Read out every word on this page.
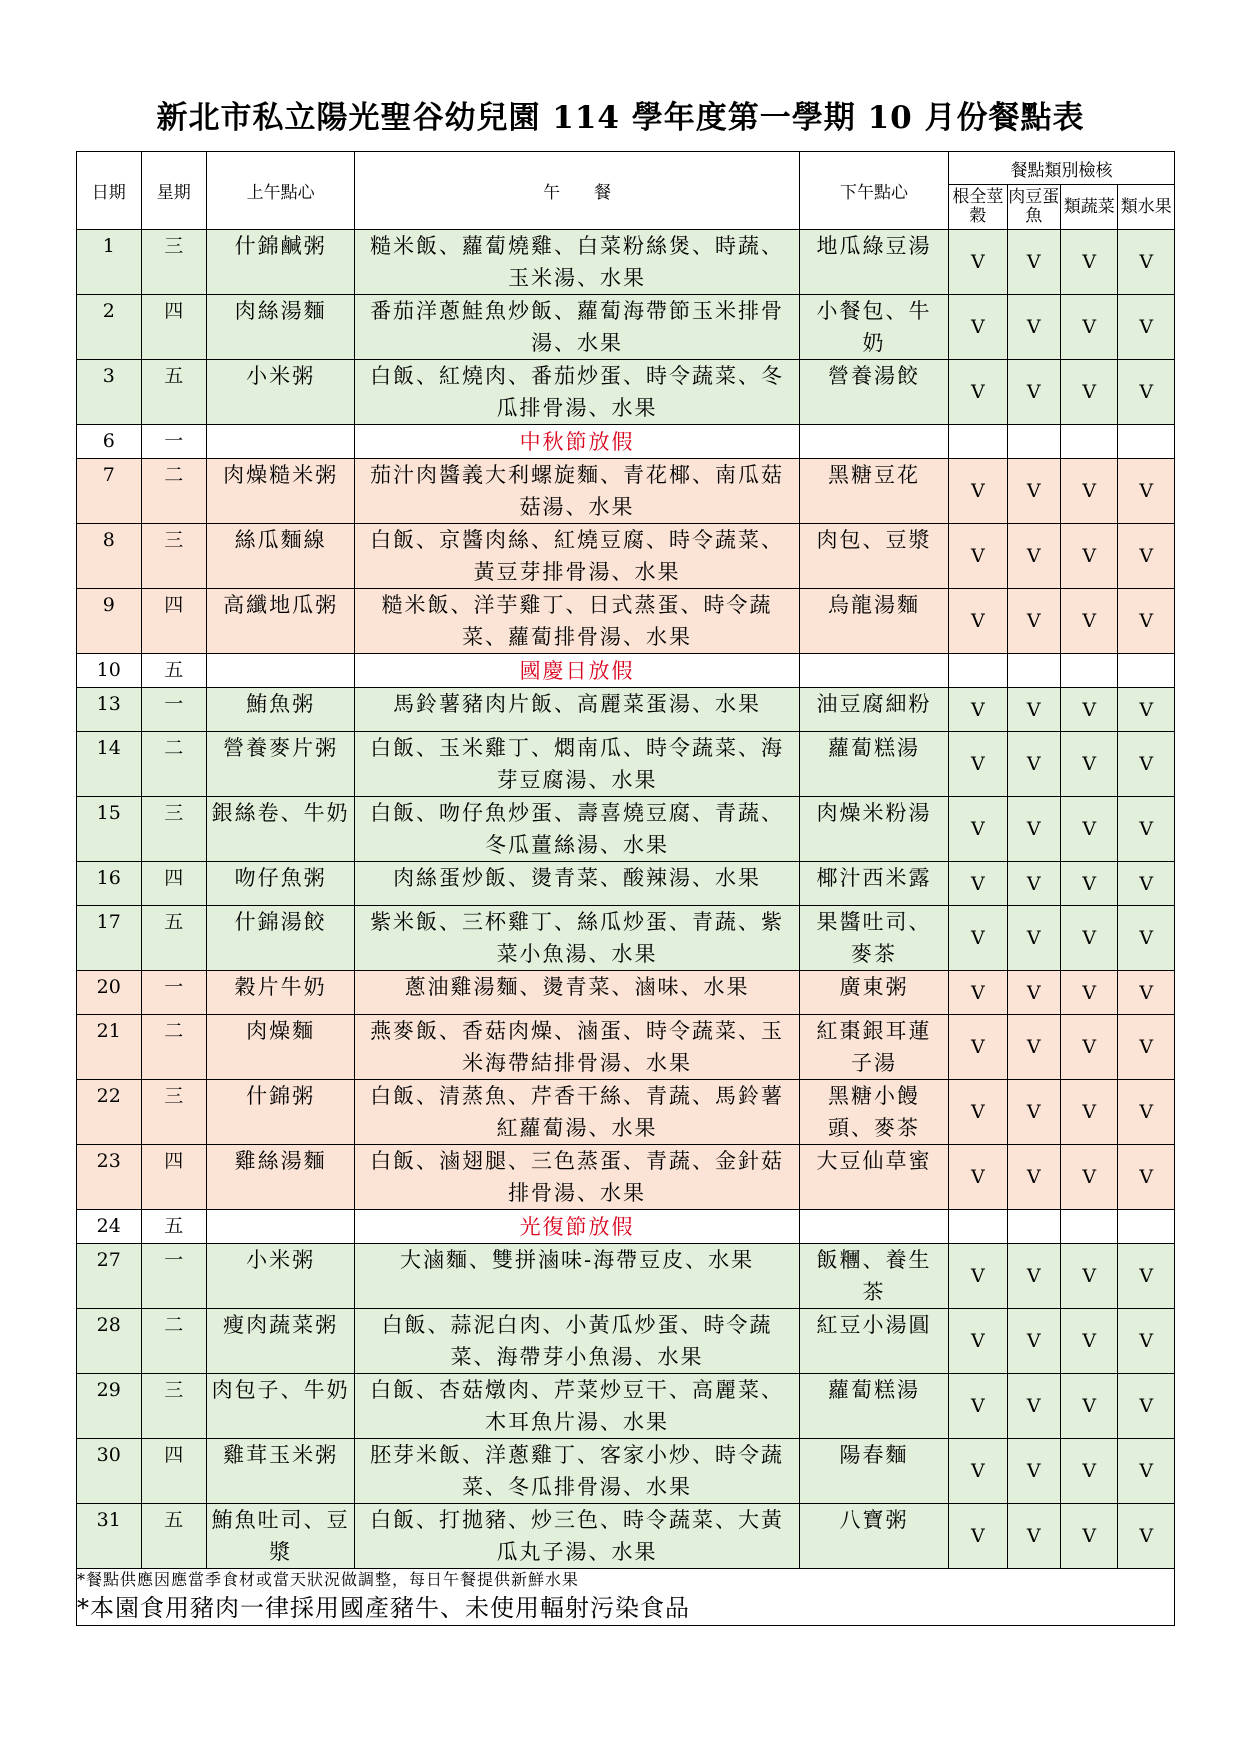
新北市私立陽光聖谷幼兒園 114 學年度第一學期 10 月份餐點表
日期	星期	上午點心	午　　餐	下午點心	餐點類別檢核			
					根全莖穀	肉豆蛋魚	類蔬菜	類水果
1	三	什錦鹹粥	糙米飯、蘿蔔燒雞、白菜粉絲煲、時蔬、玉米湯、水果	地瓜綠豆湯	V	V	V	V
2	四	肉絲湯麵	番茄洋蔥鮭魚炒飯、蘿蔔海帶節玉米排骨湯、水果	小餐包、牛奶	V	V	V	V
3	五	小米粥	白飯、紅燒肉、番茄炒蛋、時令蔬菜、冬瓜排骨湯、水果	營養湯餃	V	V	V	V
6	一		中秋節放假					
7	二	肉燥糙米粥	茄汁肉醬義大利螺旋麵、青花椰、南瓜菇菇湯、水果	黑糖豆花	V	V	V	V
8	三	絲瓜麵線	白飯、京醬肉絲、紅燒豆腐、時令蔬菜、黃豆芽排骨湯、水果	肉包、豆漿	V	V	V	V
9	四	高纖地瓜粥	糙米飯、洋芋雞丁、日式蒸蛋、時令蔬菜、蘿蔔排骨湯、水果	烏龍湯麵	V	V	V	V
10	五		國慶日放假					
13	一	鮪魚粥	馬鈴薯豬肉片飯、高麗菜蛋湯、水果	油豆腐細粉	V	V	V	V
14	二	營養麥片粥	白飯、玉米雞丁、燜南瓜、時令蔬菜、海芽豆腐湯、水果	蘿蔔糕湯	V	V	V	V
15	三	銀絲卷、牛奶	白飯、吻仔魚炒蛋、壽喜燒豆腐、青蔬、冬瓜薑絲湯、水果	肉燥米粉湯	V	V	V	V
16	四	吻仔魚粥	肉絲蛋炒飯、燙青菜、酸辣湯、水果	椰汁西米露	V	V	V	V
17	五	什錦湯餃	紫米飯、三杯雞丁、絲瓜炒蛋、青蔬、紫菜小魚湯、水果	果醬吐司、麥茶	V	V	V	V
20	一	穀片牛奶	蔥油雞湯麵、燙青菜、滷味、水果	廣東粥	V	V	V	V
21	二	肉燥麵	燕麥飯、香菇肉燥、滷蛋、時令蔬菜、玉米海帶結排骨湯、水果	紅棗銀耳蓮子湯	V	V	V	V
22	三	什錦粥	白飯、清蒸魚、芹香干絲、青蔬、馬鈴薯紅蘿蔔湯、水果	黑糖小饅頭、麥茶	V	V	V	V
23	四	雞絲湯麵	白飯、滷翅腿、三色蒸蛋、青蔬、金針菇排骨湯、水果	大豆仙草蜜	V	V	V	V
24	五		光復節放假					
27	一	小米粥	大滷麵、雙拼滷味-海帶豆皮、水果	飯糰、養生茶	V	V	V	V
28	二	瘦肉蔬菜粥	白飯、蒜泥白肉、小黃瓜炒蛋、時令蔬菜、海帶芽小魚湯、水果	紅豆小湯圓	V	V	V	V
29	三	肉包子、牛奶	白飯、杏菇燉肉、芹菜炒豆干、高麗菜、木耳魚片湯、水果	蘿蔔糕湯	V	V	V	V
30	四	雞茸玉米粥	胚芽米飯、洋蔥雞丁、客家小炒、時令蔬菜、冬瓜排骨湯、水果	陽春麵	V	V	V	V
31	五	鮪魚吐司、豆漿	白飯、打拋豬、炒三色、時令蔬菜、大黃瓜丸子湯、水果	八寶粥	V	V	V	V

*餐點供應因應當季食材或當天狀況做調整，每日午餐提供新鮮水果
*本園食用豬肉一律採用國產豬牛、未使用輻射污染食品								
